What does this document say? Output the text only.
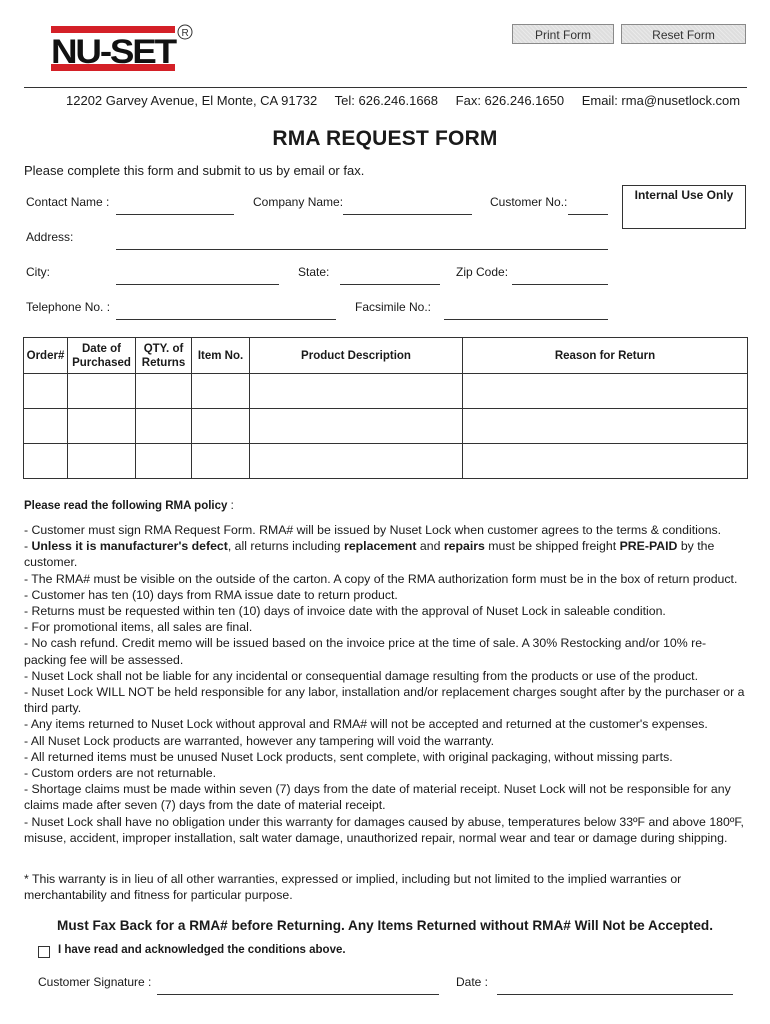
Print Form	Reset Form
NU-SET R
12202 Garvey Avenue, El Monte, CA 91732 Tel: 626.246.1668 Fax: 626.246.1650 Email: rma@nusetlock.com
RMA REQUEST FORM
Please complete this form and submit to us by email or fax.
Contact Name :	Company Name:	Customer No.:	Internal Use Only
Address:
City:	State:	Zip Code:
Telephone No. :	Facsimile No.:
Order#	Date of Purchased	QTY. of Returns	Item No.	Product Description	Reason for Return

Please read the following RMA policy :

- Customer must sign RMA Request Form. RMA# will be issued by Nuset Lock when customer agrees to the terms & conditions.

- Unless it is manufacturer's defect, all returns including replacement and repairs must be shipped freight PRE-PAID by the customer.

- The RMA# must be visible on the outside of the carton. A copy of the RMA authorization form must be in the box of return product.

- Customer has ten (10) days from RMA issue date to return product.

- Returns must be requested within ten (10) days of invoice date with the approval of Nuset Lock in saleable condition.

- For promotional items, all sales are final.

- No cash refund. Credit memo will be issued based on the invoice price at the time of sale. A 30% Restocking and/or 10% re-packing fee will be assessed.

- Nuset Lock shall not be liable for any incidental or consequential damage resulting from the products or use of the product.

- Nuset Lock WILL NOT be held responsible for any labor, installation and/or replacement charges sought after by the purchaser or a third party.

- Any items returned to Nuset Lock without approval and RMA# will not be accepted and returned at the customer's expenses.

- All Nuset Lock products are warranted, however any tampering will void the warranty.

- All returned items must be unused Nuset Lock products, sent complete, with original packaging, without missing parts.

- Custom orders are not returnable.

- Shortage claims must be made within seven (7) days from the date of material receipt. Nuset Lock will not be responsible for any claims made after seven (7) days from the date of material receipt.

- Nuset Lock shall have no obligation under this warranty for damages caused by abuse, temperatures below 33ºF and above 180ºF, misuse, accident, improper installation, salt water damage, unauthorized repair, normal wear and tear or damage during shipping.

* This warranty is in lieu of all other warranties, expressed or implied, including but not limited to the implied warranties or merchantability and fitness for particular purpose.
Must Fax Back for a RMA# before Returning. Any Items Returned without RMA# Will Not be Accepted.
I have read and acknowledged the conditions above.
Customer Signature :	Date :
